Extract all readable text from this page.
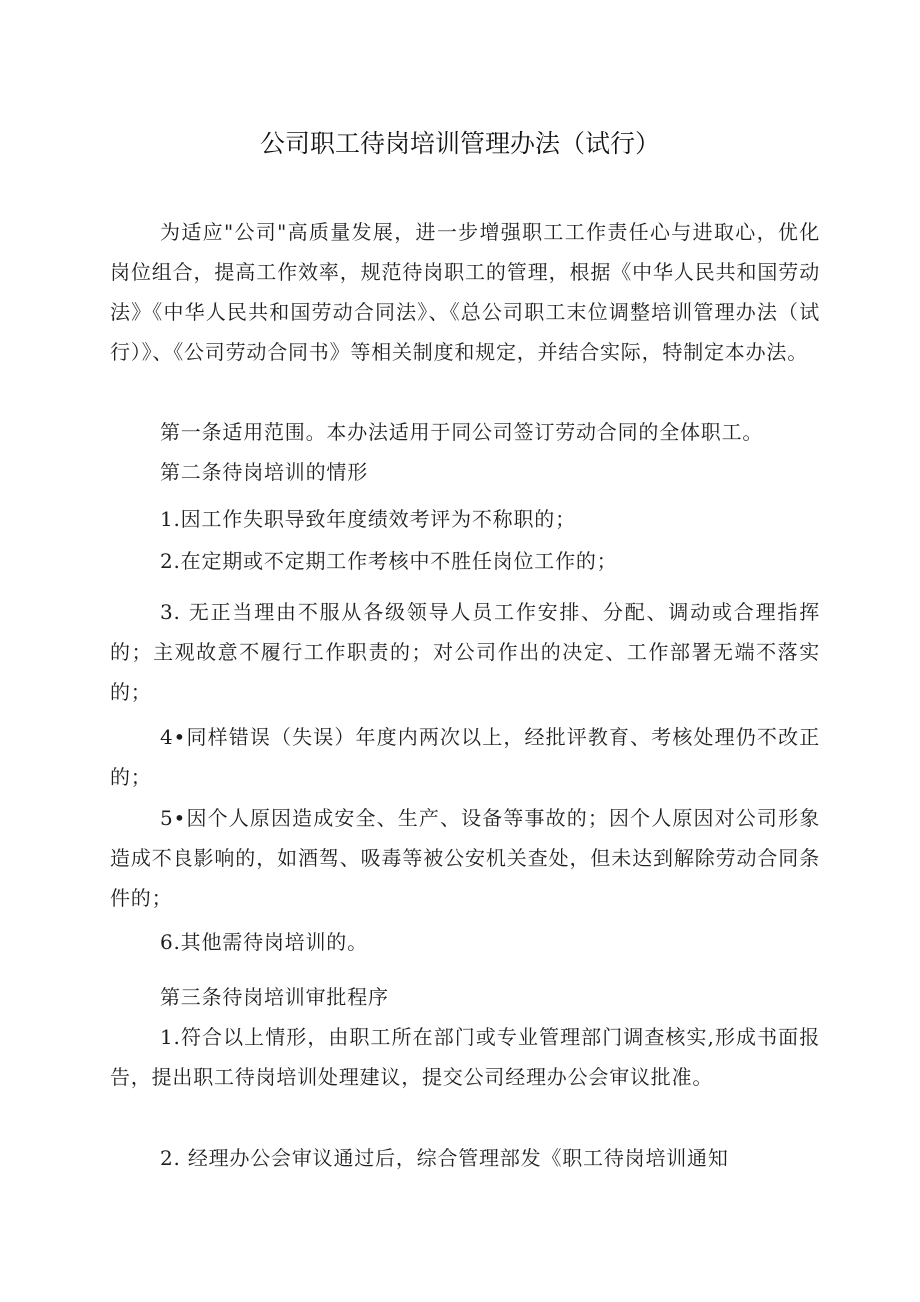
公司职工待岗培训管理办法（试行）

为适应"公司"高质量发展，进一步增强职工工作责任心与进取心，优化岗位组合，提高工作效率，规范待岗职工的管理，根据《中华人民共和国劳动法》《中华人民共和国劳动合同法》、《总公司职工末位调整培训管理办法（试行）》、《公司劳动合同书》等相关制度和规定，并结合实际，特制定本办法。

第一条适用范围。本办法适用于同公司签订劳动合同的全体职工。

第二条待岗培训的情形

1.因工作失职导致年度绩效考评为不称职的；

2.在定期或不定期工作考核中不胜任岗位工作的；

3. 无正当理由不服从各级领导人员工作安排、分配、调动或合理指挥的；主观故意不履行工作职责的；对公司作出的决定、工作部署无端不落实的；

4•同样错误（失误）年度内两次以上，经批评教育、考核处理仍不改正的；

5•因个人原因造成安全、生产、设备等事故的；因个人原因对公司形象造成不良影响的，如酒驾、吸毒等被公安机关查处，但未达到解除劳动合同条件的；

6.其他需待岗培训的。

第三条待岗培训审批程序

1.符合以上情形，由职工所在部门或专业管理部门调查核实,形成书面报告，提出职工待岗培训处理建议，提交公司经理办公会审议批准。

2. 经理办公会审议通过后，综合管理部发《职工待岗培训通知
